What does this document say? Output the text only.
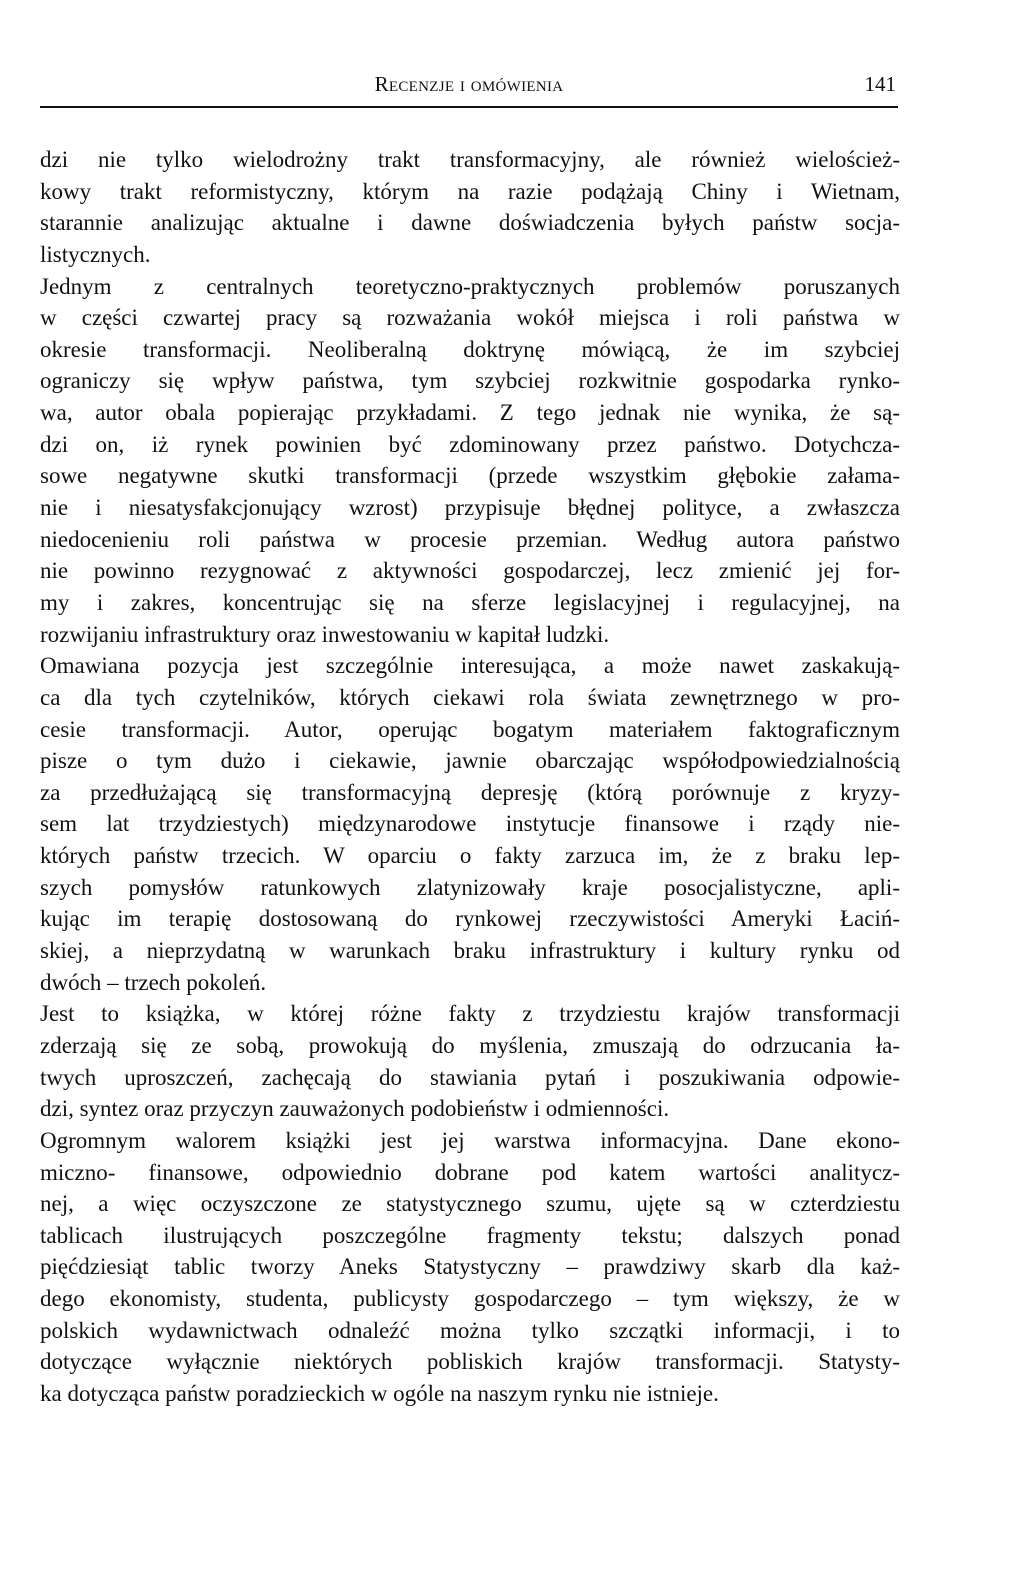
Recenzje i omówienia	141
dzi nie tylko wielodrożny trakt transformacyjny, ale również wieloścież-
kowy trakt reformistyczny, którym na razie podążają Chiny i Wietnam,
starannie analizując aktualne i dawne doświadczenia byłych państw socja-
listycznych.
Jednym z centralnych teoretyczno-praktycznych problemów poruszanych
w części czwartej pracy są rozważania wokół miejsca i roli państwa w
okresie transformacji. Neoliberalną doktrynę mówiącą, że im szybciej
ograniczy się wpływ państwa, tym szybciej rozkwitnie gospodarka rynko-
wa, autor obala popierając przykładami. Z tego jednak nie wynika, że są-
dzi on, iż rynek powinien być zdominowany przez państwo. Dotychcza-
sowe negatywne skutki transformacji (przede wszystkim głębokie załama-
nie i niesatysfakcjonujący wzrost) przypisuje błędnej polityce, a zwłaszcza
niedocenieniu roli państwa w procesie przemian. Według autora państwo
nie powinno rezygnować z aktywności gospodarczej, lecz zmienić jej for-
my i zakres, koncentrując się na sferze legislacyjnej i regulacyjnej, na
rozwijaniu infrastruktury oraz inwestowaniu w kapitał ludzki.
Omawiana pozycja jest szczególnie interesująca, a może nawet zaskakują-
ca dla tych czytelników, których ciekawi rola świata zewnętrznego w pro-
cesie transformacji. Autor, operując bogatym materiałem faktograficznym
pisze o tym dużo i ciekawie, jawnie obarczając współodpowiedzialnością
za przedłużającą się transformacyjną depresję (którą porównuje z kryzy-
sem lat trzydziestych) międzynarodowe instytucje finansowe i rządy nie-
których państw trzecich. W oparciu o fakty zarzuca im, że z braku lep-
szych pomysłów ratunkowych zlatynizowały kraje posocjalistyczne, apli-
kując im terapię dostosowaną do rynkowej rzeczywistości Ameryki Łaciń-
skiej, a nieprzydatną w warunkach braku infrastruktury i kultury rynku od
dwóch – trzech pokoleń.
Jest to książka, w której różne fakty z trzydziestu krajów transformacji
zderzają się ze sobą, prowokują do myślenia, zmuszają do odrzucania ła-
twych uproszczeń, zachęcają do stawiania pytań i poszukiwania odpowie-
dzi, syntez oraz przyczyn zauważonych podobieństw i odmienności.
Ogromnym walorem książki jest jej warstwa informacyjna. Dane ekono-
miczno- finansowe, odpowiednio dobrane pod katem wartości analitycz-
nej, a więc oczyszczone ze statystycznego szumu, ujęte są w czterdziestu
tablicach ilustrujących poszczególne fragmenty tekstu; dalszych ponad
pięćdziesiąt tablic tworzy Aneks Statystyczny – prawdziwy skarb dla każ-
dego ekonomisty, studenta, publicysty gospodarczego – tym większy, że w
polskich wydawnictwach odnaleźć można tylko szczątki informacji, i to
dotyczące wyłącznie niektórych pobliskich krajów transformacji. Statysty-
ka dotycząca państw poradzieckich w ogóle na naszym rynku nie istnieje.
